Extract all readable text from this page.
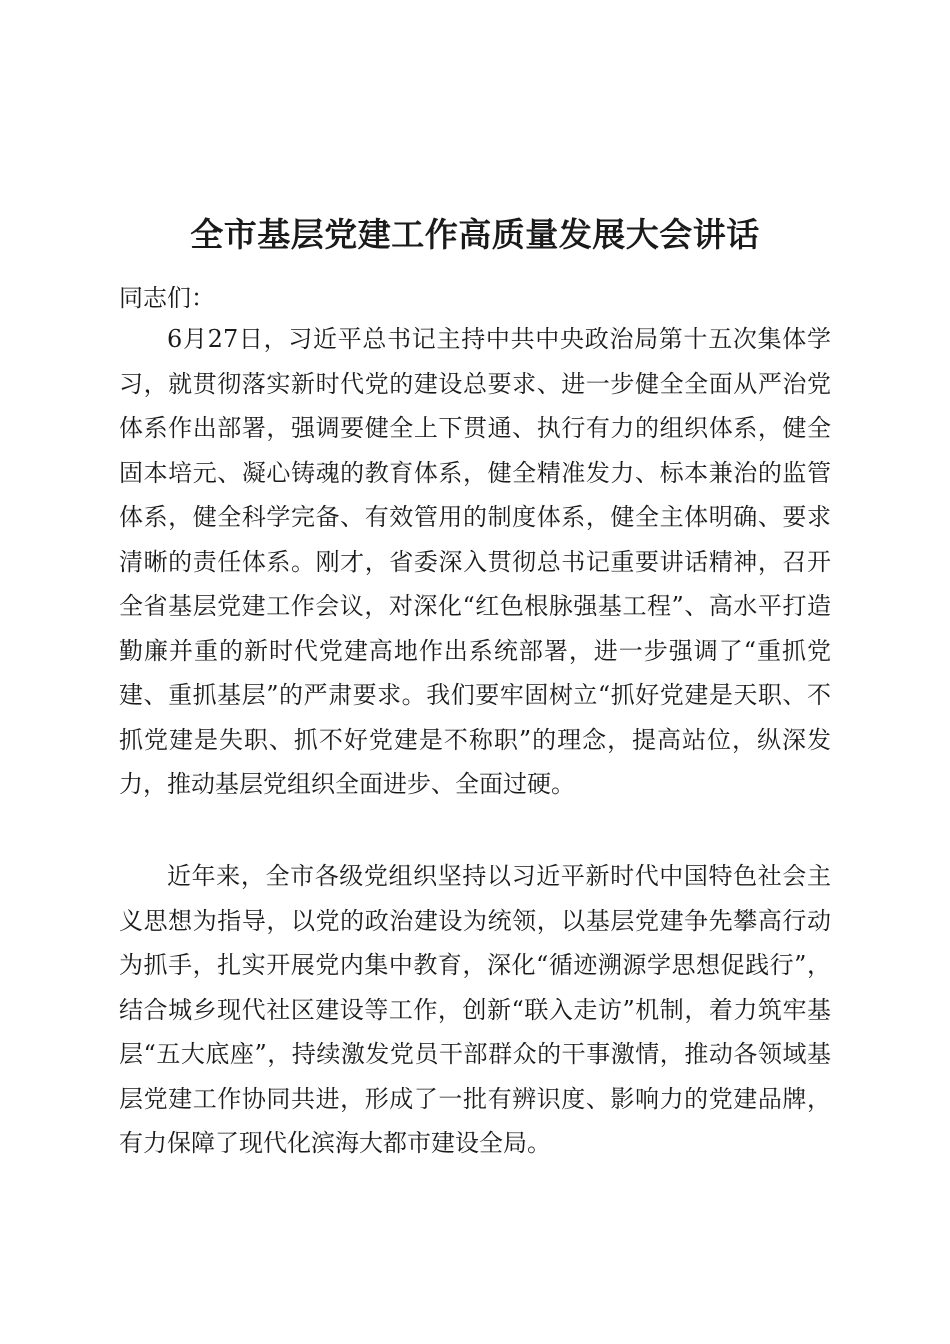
全市基层党建工作高质量发展大会讲话

同志们：

6月27日，习近平总书记主持中共中央政治局第十五次集体学习，就贯彻落实新时代党的建设总要求、进一步健全全面从严治党体系作出部署，强调要健全上下贯通、执行有力的组织体系，健全固本培元、凝心铸魂的教育体系，健全精准发力、标本兼治的监管体系，健全科学完备、有效管用的制度体系，健全主体明确、要求清晰的责任体系。刚才，省委深入贯彻总书记重要讲话精神，召开全省基层党建工作会议，对深化“红色根脉强基工程”、高水平打造勤廉并重的新时代党建高地作出系统部署，进一步强调了“重抓党建、重抓基层”的严肃要求。我们要牢固树立“抓好党建是天职、不抓党建是失职、抓不好党建是不称职”的理念，提高站位，纵深发力，推动基层党组织全面进步、全面过硬。

近年来，全市各级党组织坚持以习近平新时代中国特色社会主义思想为指导，以党的政治建设为统领，以基层党建争先攀高行动为抓手，扎实开展党内集中教育，深化“循迹溯源学思想促践行”，结合城乡现代社区建设等工作，创新“联入走访”机制，着力筑牢基层“五大底座”，持续激发党员干部群众的干事激情，推动各领域基层党建工作协同共进，形成了一批有辨识度、影响力的党建品牌，有力保障了现代化滨海大都市建设全局。
